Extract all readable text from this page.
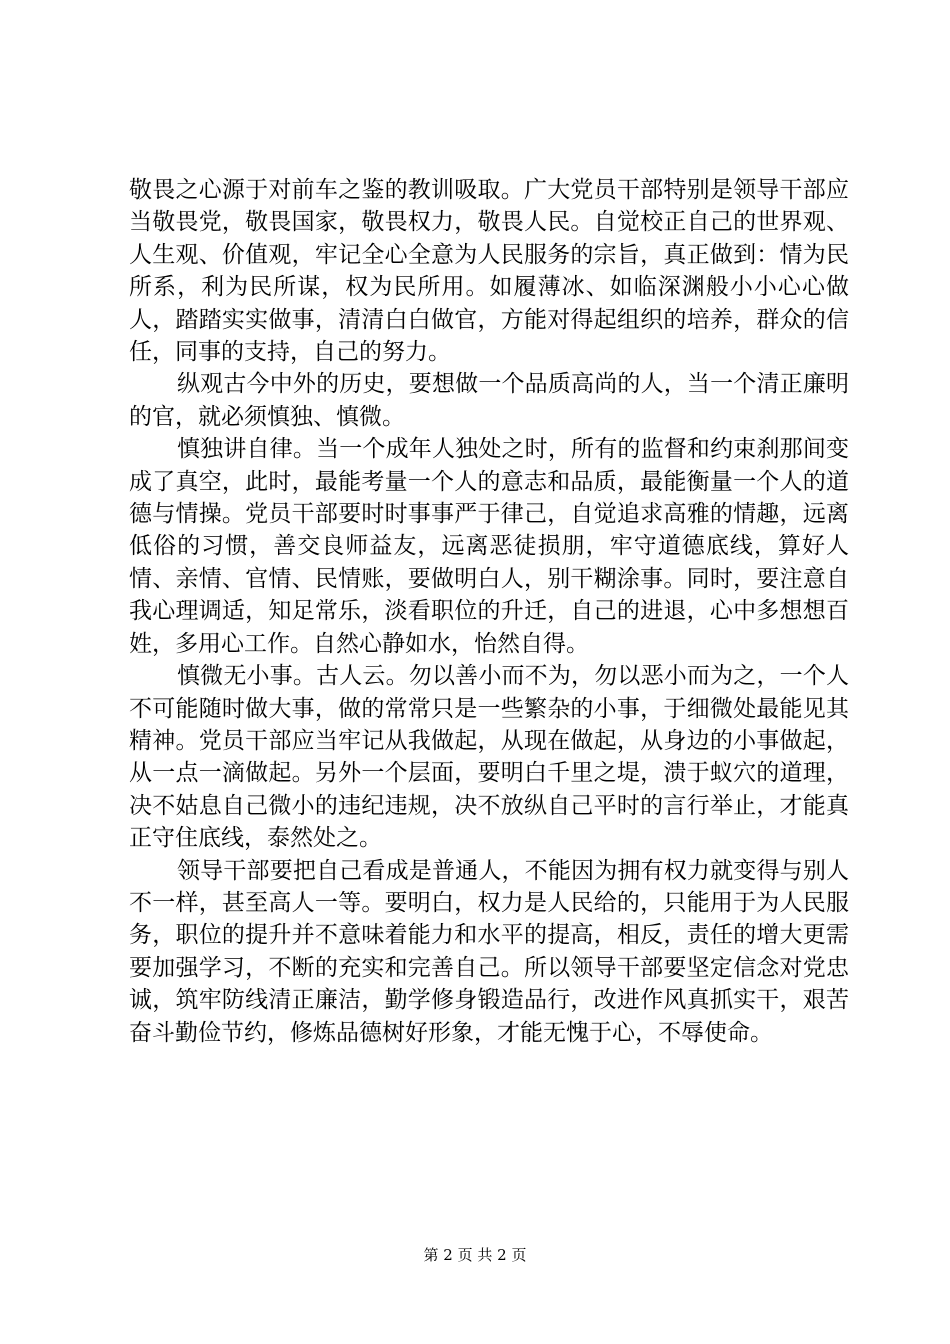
敬畏之心源于对前车之鉴的教训吸取。广大党员干部特别是领导干部应当敬畏党，敬畏国家，敬畏权力，敬畏人民。自觉校正自己的世界观、人生观、价值观，牢记全心全意为人民服务的宗旨，真正做到：情为民所系，利为民所谋，权为民所用。如履薄冰、如临深渊般小小心心做人，踏踏实实做事，清清白白做官，方能对得起组织的培养，群众的信任，同事的支持，自己的努力。

纵观古今中外的历史，要想做一个品质高尚的人，当一个清正廉明的官，就必须慎独、慎微。

慎独讲自律。当一个成年人独处之时，所有的监督和约束刹那间变成了真空，此时，最能考量一个人的意志和品质，最能衡量一个人的道德与情操。党员干部要时时事事严于律己，自觉追求高雅的情趣，远离低俗的习惯，善交良师益友，远离恶徒损朋，牢守道德底线，算好人情、亲情、官情、民情账，要做明白人，别干糊涂事。同时，要注意自我心理调适，知足常乐，淡看职位的升迁，自己的进退，心中多想想百姓，多用心工作。自然心静如水，怡然自得。

慎微无小事。古人云。勿以善小而不为，勿以恶小而为之，一个人不可能随时做大事，做的常常只是一些繁杂的小事，于细微处最能见其精神。党员干部应当牢记从我做起，从现在做起，从身边的小事做起，从一点一滴做起。另外一个层面，要明白千里之堤，溃于蚁穴的道理，决不姑息自己微小的违纪违规，决不放纵自己平时的言行举止，才能真正守住底线，泰然处之。

领导干部要把自己看成是普通人，不能因为拥有权力就变得与别人不一样，甚至高人一等。要明白，权力是人民给的，只能用于为人民服务，职位的提升并不意味着能力和水平的提高，相反，责任的增大更需要加强学习，不断的充实和完善自己。所以领导干部要坚定信念对党忠诚，筑牢防线清正廉洁，勤学修身锻造品行，改进作风真抓实干，艰苦奋斗勤俭节约，修炼品德树好形象，才能无愧于心，不辱使命。

第 2 页 共 2 页
